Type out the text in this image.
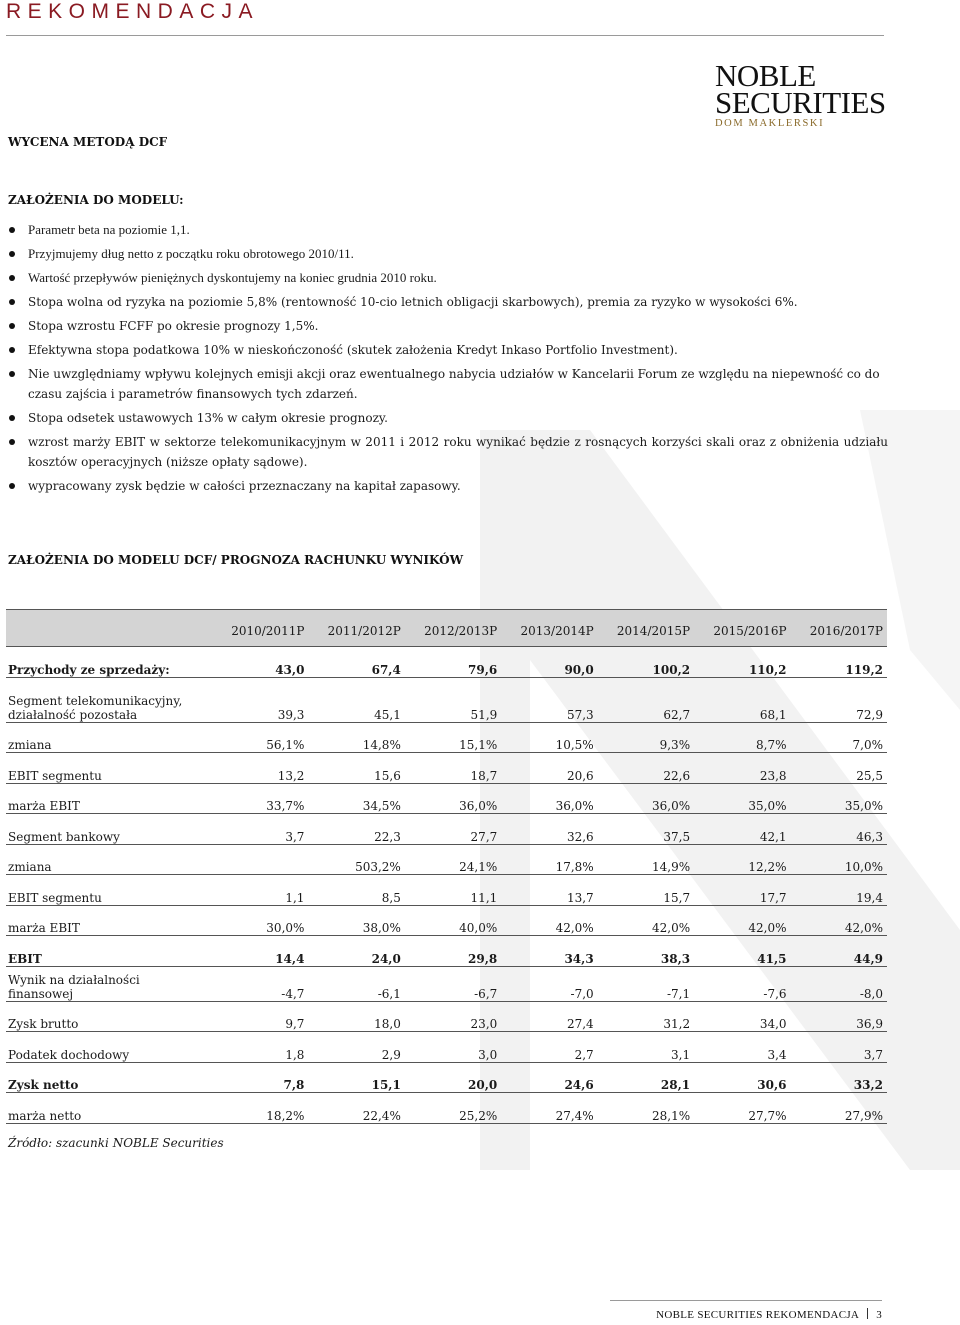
REKOMENDACJA
NOBLE
SECURITIES
DOM MAKLERSKI
WYCENA METODĄ DCF
ZAŁOŻENIA DO MODELU:
Parametr beta na poziomie 1,1.
Przyjmujemy dług netto z początku roku obrotowego 2010/11.
Wartość przepływów pieniężnych dyskontujemy na koniec grudnia 2010 roku.
Stopa wolna od ryzyka na poziomie 5,8% (rentowność 10-cio letnich obligacji skarbowych), premia za ryzyko w wysokości 6%.
Stopa wzrostu FCFF po okresie prognozy 1,5%.
Efektywna stopa podatkowa 10% w nieskończoność (skutek założenia Kredyt Inkaso Portfolio Investment).
Nie uwzględniamy wpływu kolejnych emisji akcji oraz ewentualnego nabycia udziałów w Kancelarii Forum ze względu na niepewność co do czasu zajścia i parametrów finansowych tych zdarzeń.
Stopa odsetek ustawowych 13% w całym okresie prognozy.
wzrost marży EBIT w sektorze telekomunikacyjnym w 2011 i 2012 roku wynikać będzie z rosnących korzyści skali oraz z obniżenia udziału kosztów operacyjnych (niższe opłaty sądowe).
wypracowany zysk będzie w całości przeznaczany na kapitał zapasowy.
ZAŁOŻENIA DO MODELU DCF/ PROGNOZA RACHUNKU WYNIKÓW
	2010/2011P	2011/2012P	2012/2013P	2013/2014P	2014/2015P	2015/2016P	2016/2017P
Przychody ze sprzedaży:	43,0	67,4	79,6	90,0	100,2	110,2	119,2
Segment telekomunikacyjny, działalność pozostała	39,3	45,1	51,9	57,3	62,7	68,1	72,9
zmiana	56,1%	14,8%	15,1%	10,5%	9,3%	8,7%	7,0%
EBIT segmentu	13,2	15,6	18,7	20,6	22,6	23,8	25,5
marża EBIT	33,7%	34,5%	36,0%	36,0%	36,0%	35,0%	35,0%
Segment bankowy	3,7	22,3	27,7	32,6	37,5	42,1	46,3
zmiana		503,2%	24,1%	17,8%	14,9%	12,2%	10,0%
EBIT segmentu	1,1	8,5	11,1	13,7	15,7	17,7	19,4
marża EBIT	30,0%	38,0%	40,0%	42,0%	42,0%	42,0%	42,0%
EBIT	14,4	24,0	29,8	34,3	38,3	41,5	44,9
Wynik na działalności finansowej	-4,7	-6,1	-6,7	-7,0	-7,1	-7,6	-8,0
Zysk brutto	9,7	18,0	23,0	27,4	31,2	34,0	36,9
Podatek dochodowy	1,8	2,9	3,0	2,7	3,1	3,4	3,7
Zysk netto	7,8	15,1	20,0	24,6	28,1	30,6	33,2
marża netto	18,2%	22,4%	25,2%	27,4%	28,1%	27,7%	27,9%
Źródło: szacunki NOBLE Securities
NOBLE SECURITIES REKOMENDACJA 3
